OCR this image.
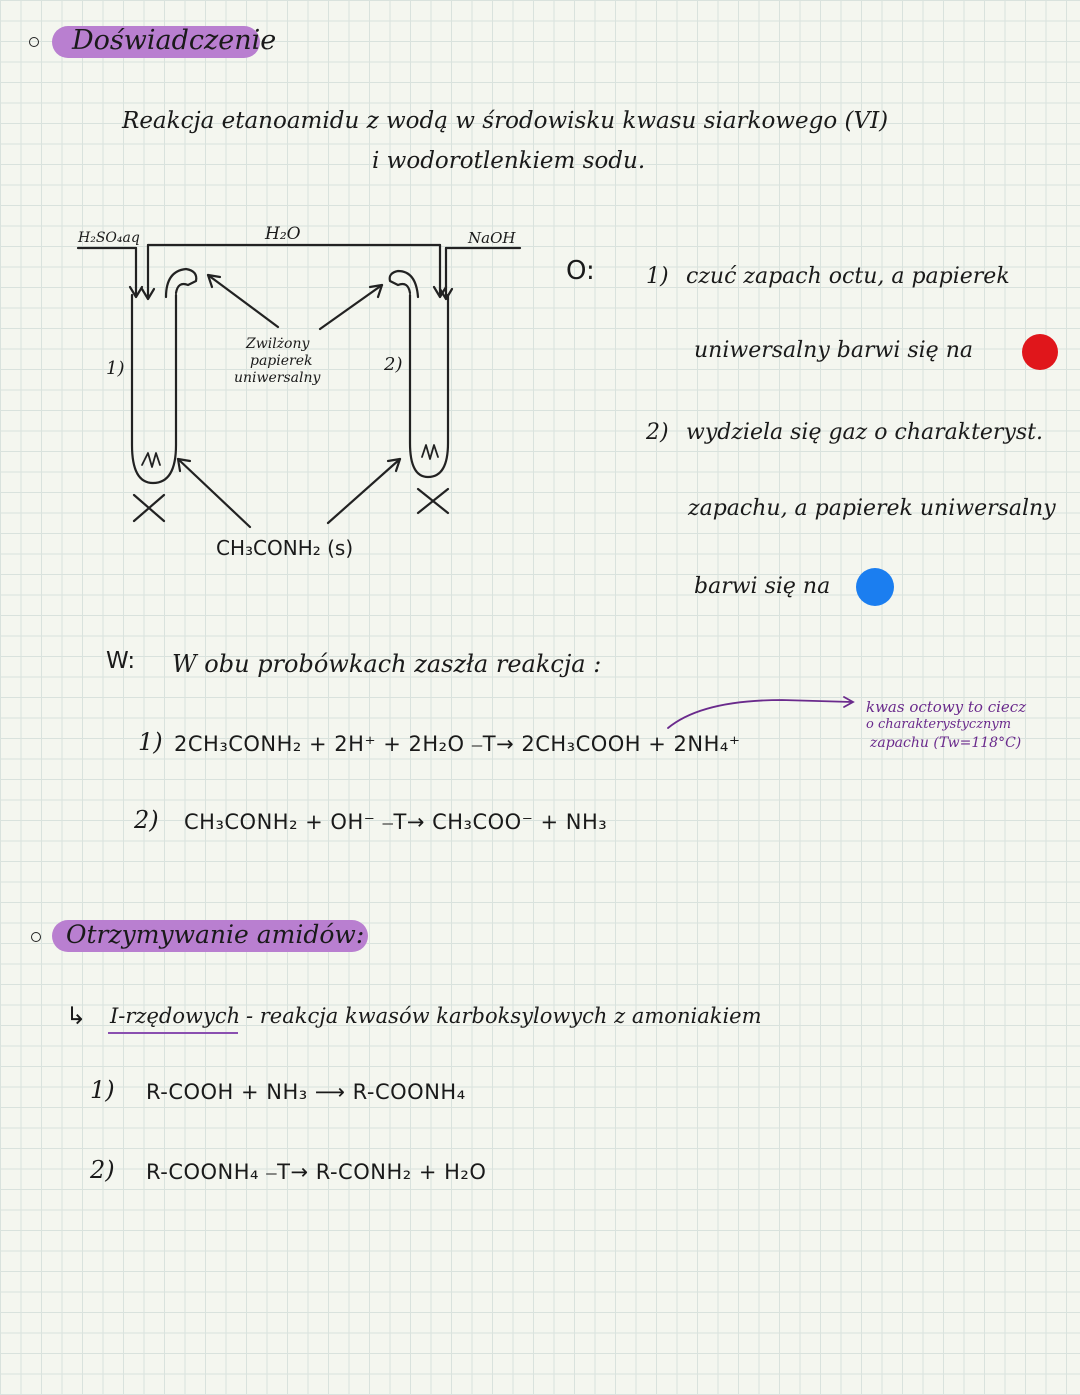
Doświadczenie
Reakcja etanoamidu z wodą w środowisku kwasu siarkowego (VI)
i wodorotlenkiem sodu.
H₂SO₄aq	H₂O	NaOH
1)	2)
Zwilżony
papierek
uniwersalny
CH₃CONH₂ (s)
O: 1) czuć zapach octu, a papierek
uniwersalny barwi się na
2) wydziela się gaz o charakteryst.
zapachu, a papierek uniwersalny
barwi się na
W: W obu probówkach zaszła reakcja :
1) 2CH₃CONH₂ + 2H⁺ + 2H₂O ⎯T→ 2CH₃COOH + 2NH₄⁺
2) CH₃CONH₂ + OH⁻ ⎯T→ CH₃COO⁻ + NH₃
kwas octowy to ciecz
o charakterystycznym
zapachu (Tw=118°C)
Otrzymywanie amidów:
↳ I-rzędowych - reakcja kwasów karboksylowych z amoniakiem
1) R-COOH + NH₃ ⟶ R-COONH₄
2) R-COONH₄ ⎯T→ R-CONH₂ + H₂O
